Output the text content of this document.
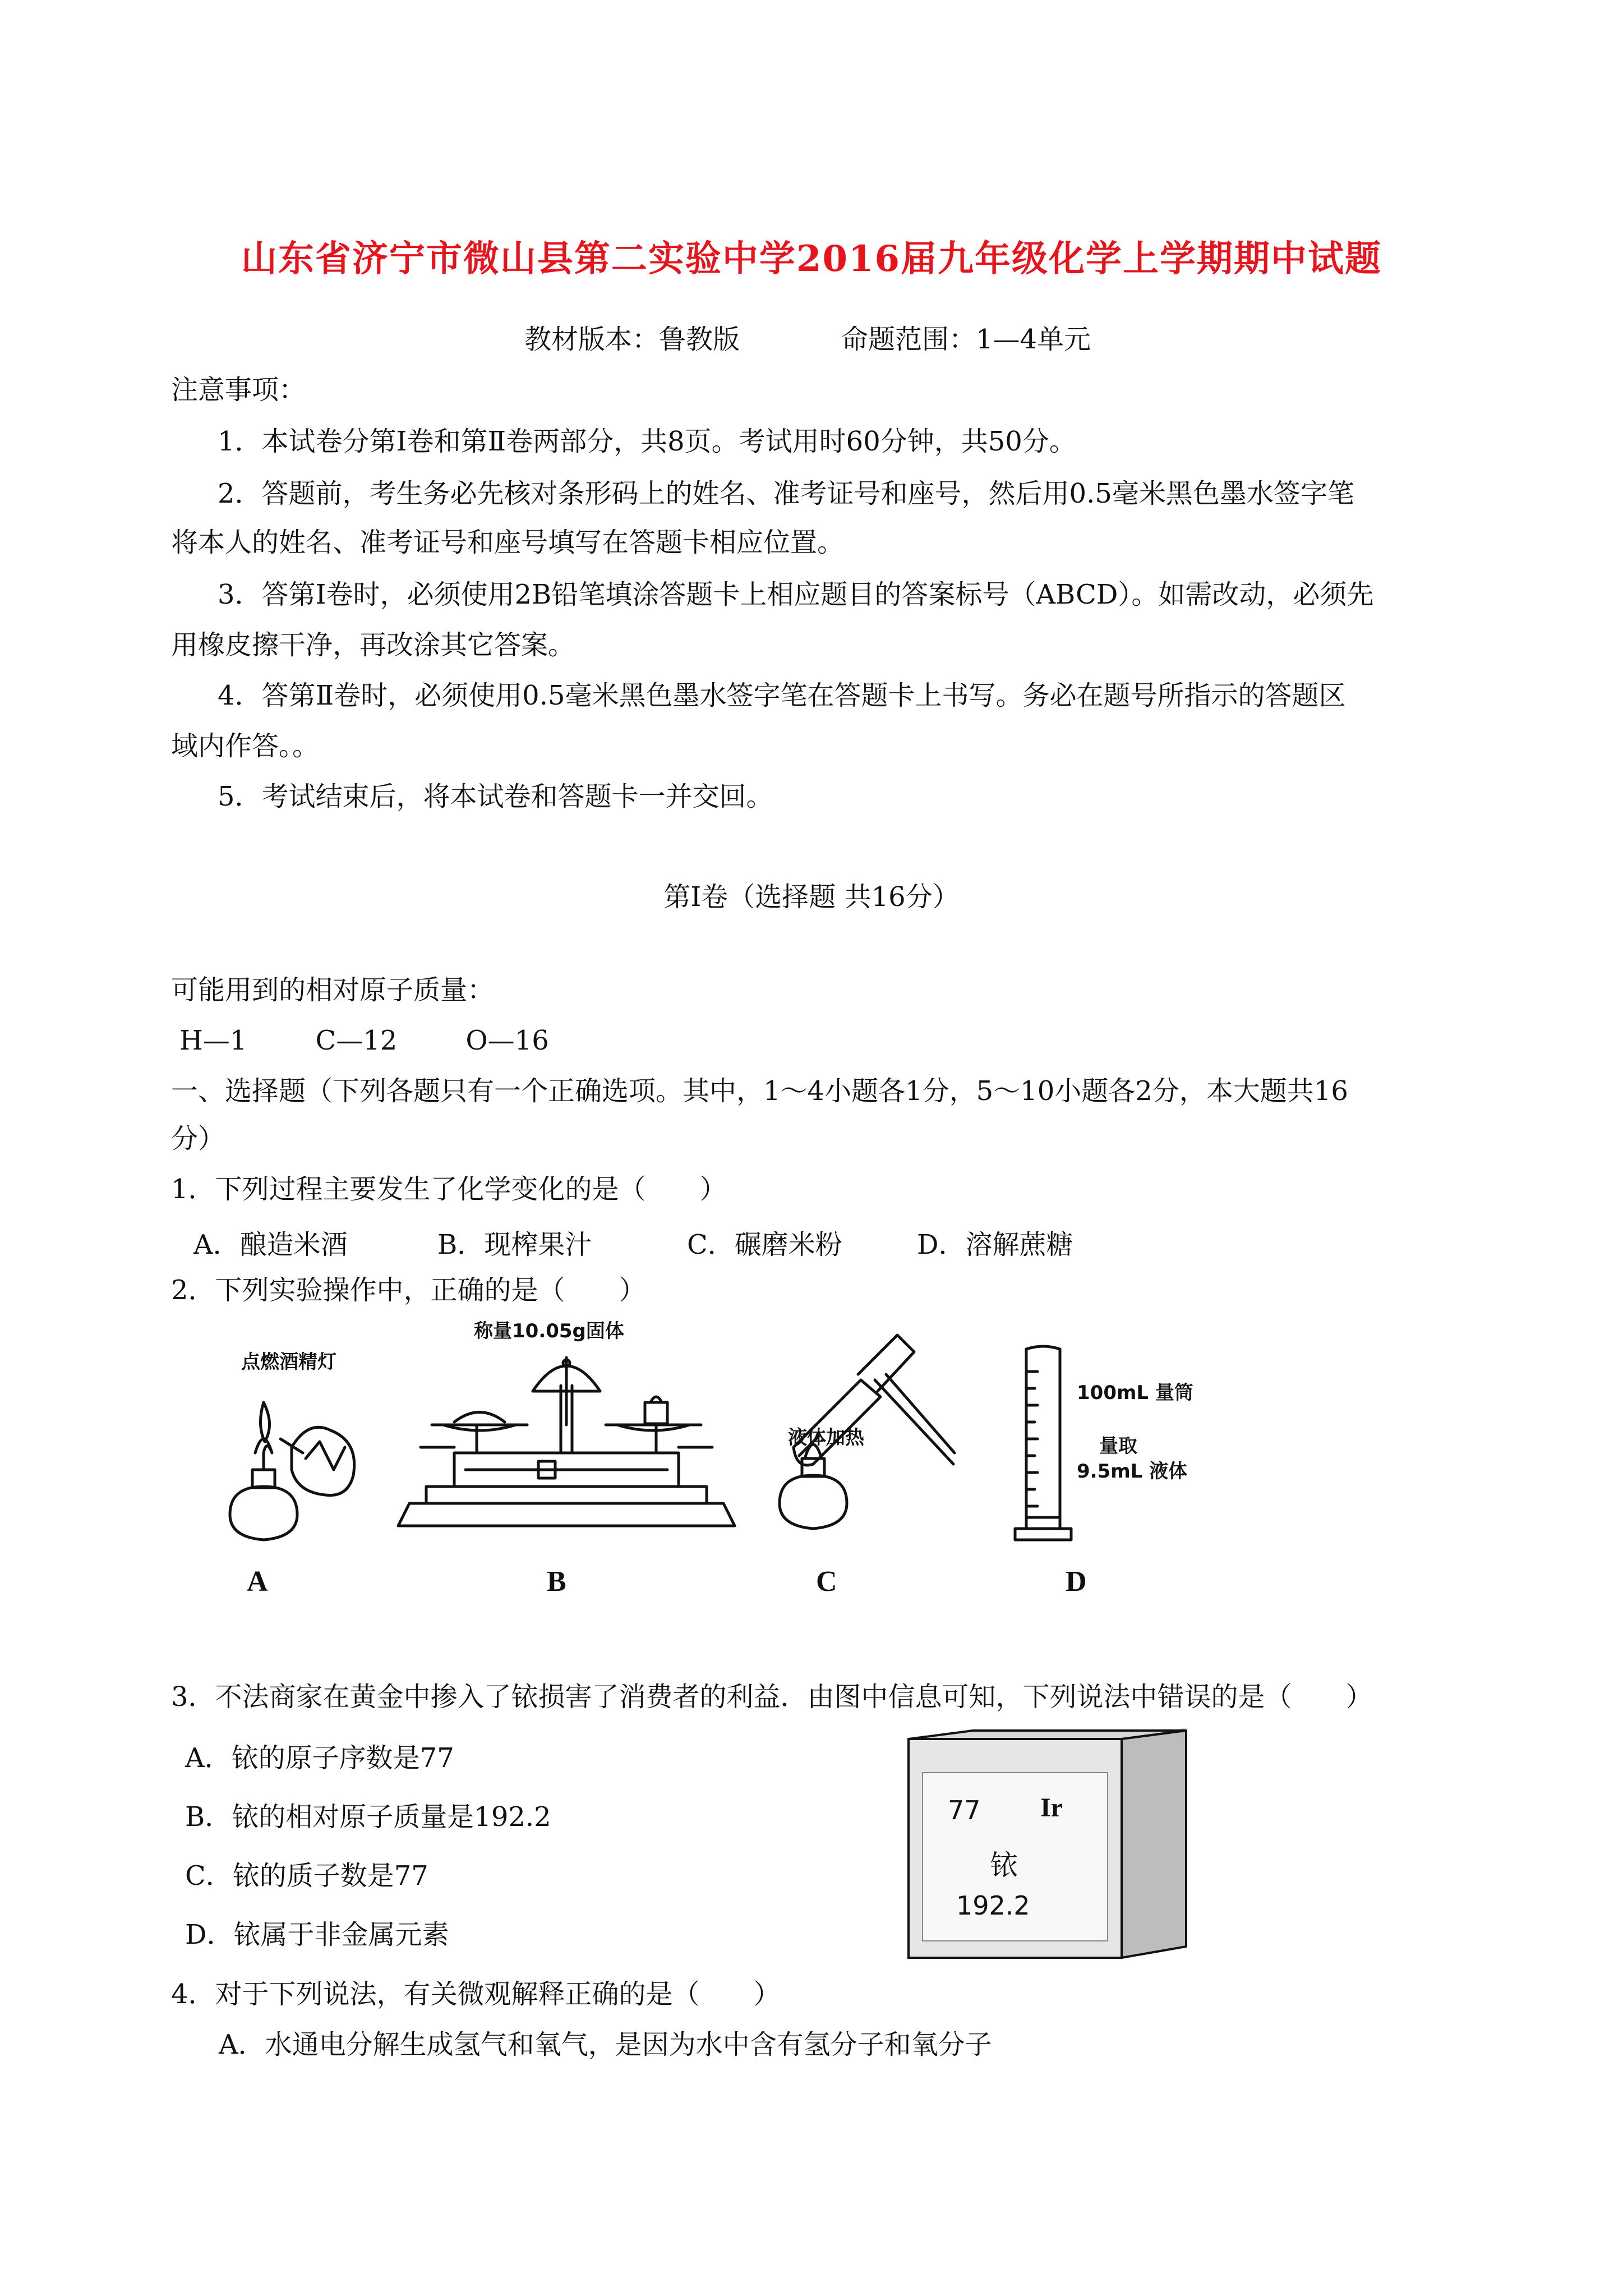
山东省济宁市微山县第二实验中学2016届九年级化学上学期期中试题
教材版本：鲁教版	命题范围：1—4单元
注意事项：
1．本试卷分第Ⅰ卷和第Ⅱ卷两部分，共8页。考试用时60分钟，共50分。
2．答题前，考生务必先核对条形码上的姓名、准考证号和座号，然后用0.5毫米黑色墨水签字笔
将本人的姓名、准考证号和座号填写在答题卡相应位置。
3．答第Ⅰ卷时，必须使用2B铅笔填涂答题卡上相应题目的答案标号（ABCD）。如需改动，必须先
用橡皮擦干净，再改涂其它答案。
4．答第Ⅱ卷时，必须使用0.5毫米黑色墨水签字笔在答题卡上书写。务必在题号所指示的答题区
域内作答。。
5．考试结束后，将本试卷和答题卡一并交回。
第Ⅰ卷（选择题 共16分）
可能用到的相对原子质量：
H—1        C—12        O—16
一、选择题（下列各题只有一个正确选项。其中，1～4小题各1分，5～10小题各2分，本大题共16
分）
1．下列过程主要发生了化学变化的是（　　）
A．酿造米酒	B．现榨果汁	C．碾磨米粉	D．溶解蔗糖
2．下列实验操作中，正确的是（　　）
点燃酒精灯
A
称量10.05g固体
B
液体加热
C
100mL 量筒
量取
9.5mL 液体
D
3．不法商家在黄金中掺入了铱损害了消费者的利益．由图中信息可知，下列说法中错误的是（　　）
A．铱的原子序数是77
B．铱的相对原子质量是192.2
C．铱的质子数是77
D．铱属于非金属元素
77 Ir
铱
192.2
4．对于下列说法，有关微观解释正确的是（　　）
A．水通电分解生成氢气和氧气，是因为水中含有氢分子和氧分子
